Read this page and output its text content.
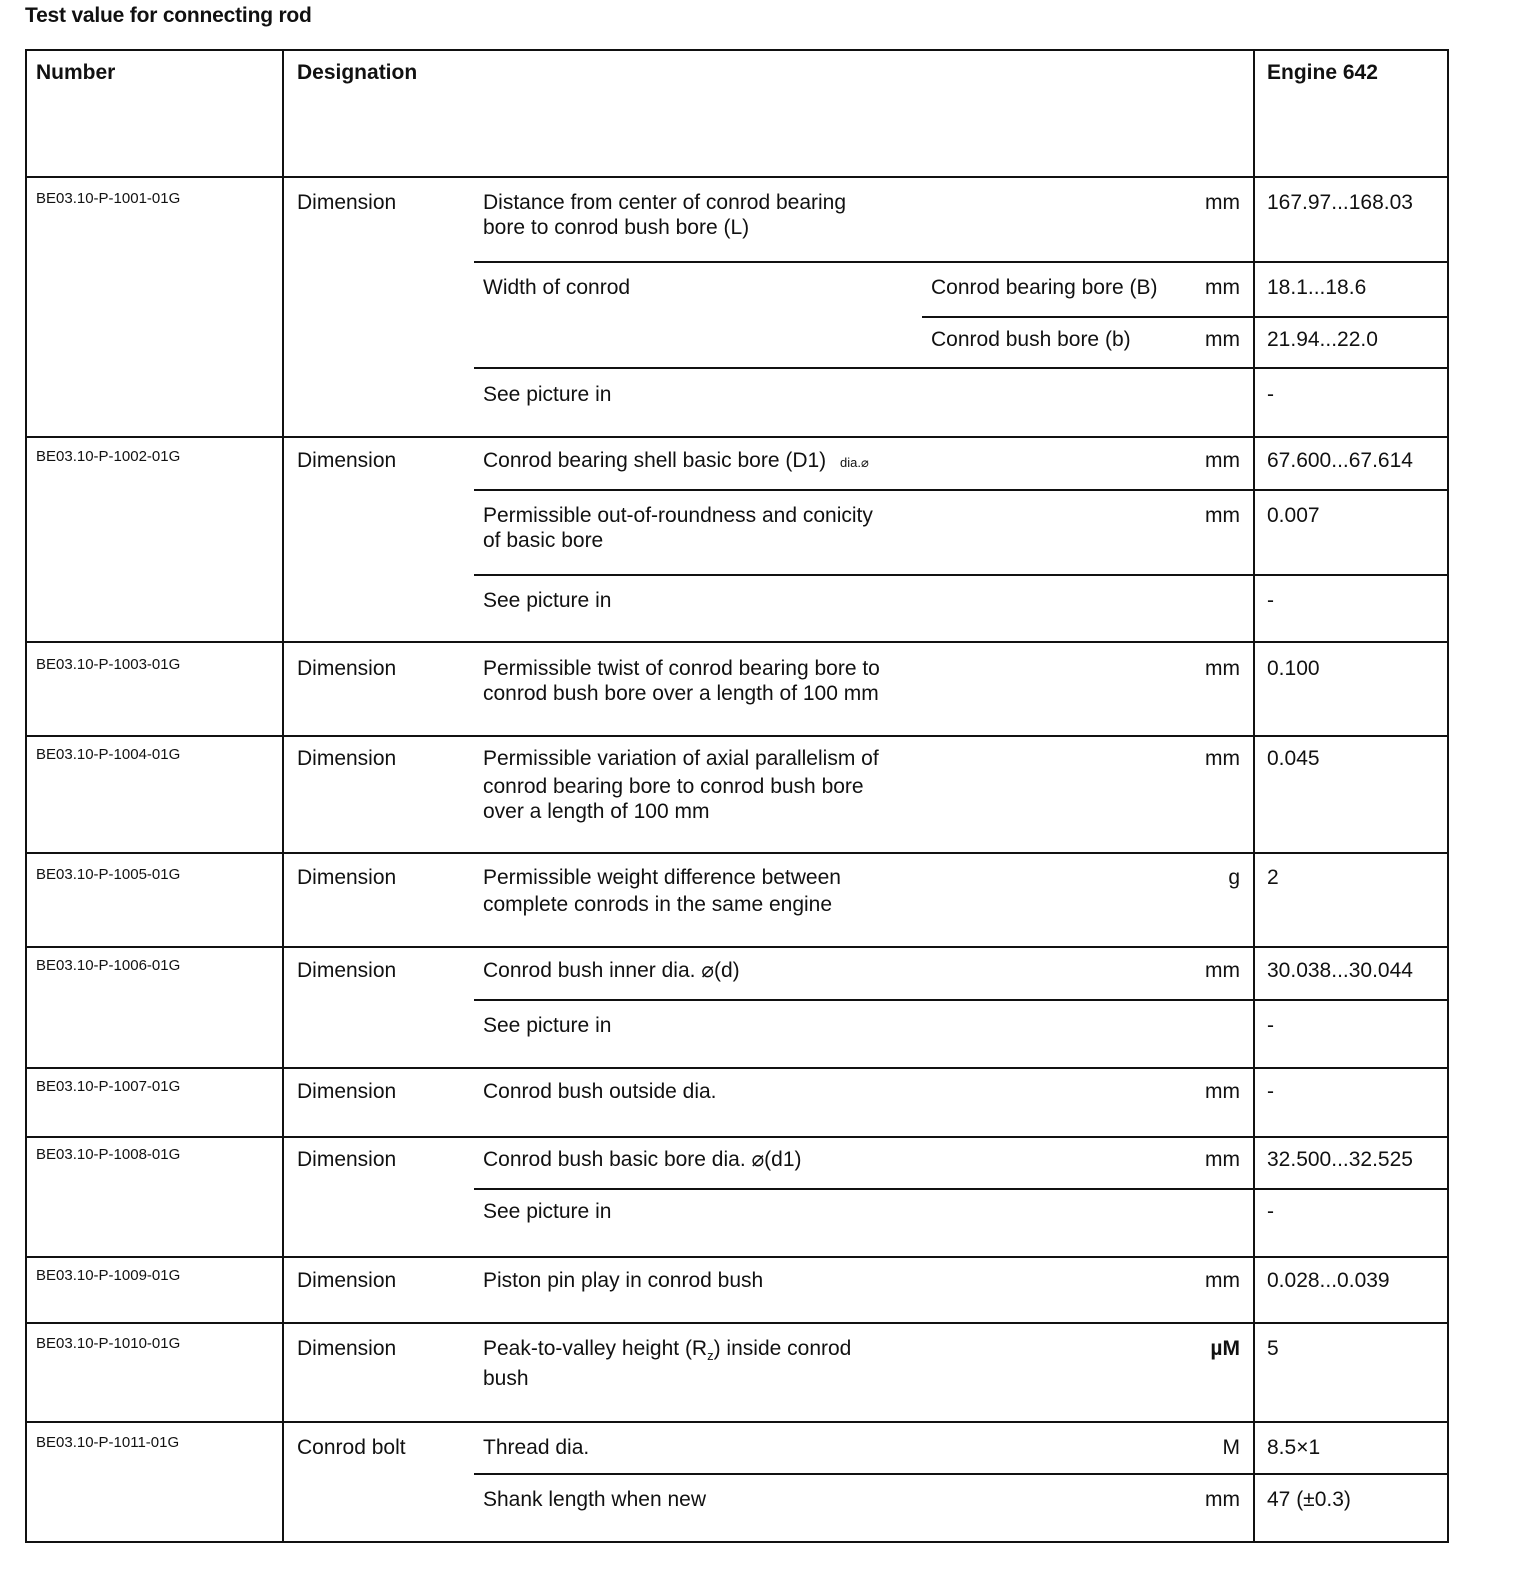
Test value for connecting rod
Number	Designation	Engine 642
BE03.10-P-1001-01G	Dimension	Distance from center of conrod bearing
bore to conrod bush bore (L)
mm 167.97...168.03
Width of conrod	Conrod bearing bore (B)	mm 18.1...18.6
Conrod bush bore (b)	mm 21.94...22.0
See picture in	-
BE03.10-P-1002-01G	Dimension	Conrod bearing shell basic bore (D1) dia.⌀	mm 67.600...67.614
Permissible out-of-roundness and conicity
of basic bore
mm 0.007
See picture in	-
BE03.10-P-1003-01G	Dimension	Permissible twist of conrod bearing bore to
conrod bush bore over a length of 100 mm
mm 0.100
BE03.10-P-1004-01G	Dimension	Permissible variation of axial parallelism of
conrod bearing bore to conrod bush bore
over a length of 100 mm
mm 0.045
BE03.10-P-1005-01G	Dimension	Permissible weight difference between
complete conrods in the same engine
g 2
BE03.10-P-1006-01G	Dimension	Conrod bush inner dia. ⌀(d)	mm 30.038...30.044
See picture in	-
BE03.10-P-1007-01G	Dimension	Conrod bush outside dia.	mm -
BE03.10-P-1008-01G	Dimension	Conrod bush basic bore dia. ⌀(d1)	mm 32.500...32.525
See picture in	-
BE03.10-P-1009-01G	Dimension	Piston pin play in conrod bush	mm 0.028...0.039
BE03.10-P-1010-01G	Dimension	Peak-to-valley height $(R_z)$ inside conrod
bush
µM 5
BE03.10-P-1011-01G	Conrod bolt	Thread dia.	M 8.5×1
Shank length when new	mm 47 (±0.3)
